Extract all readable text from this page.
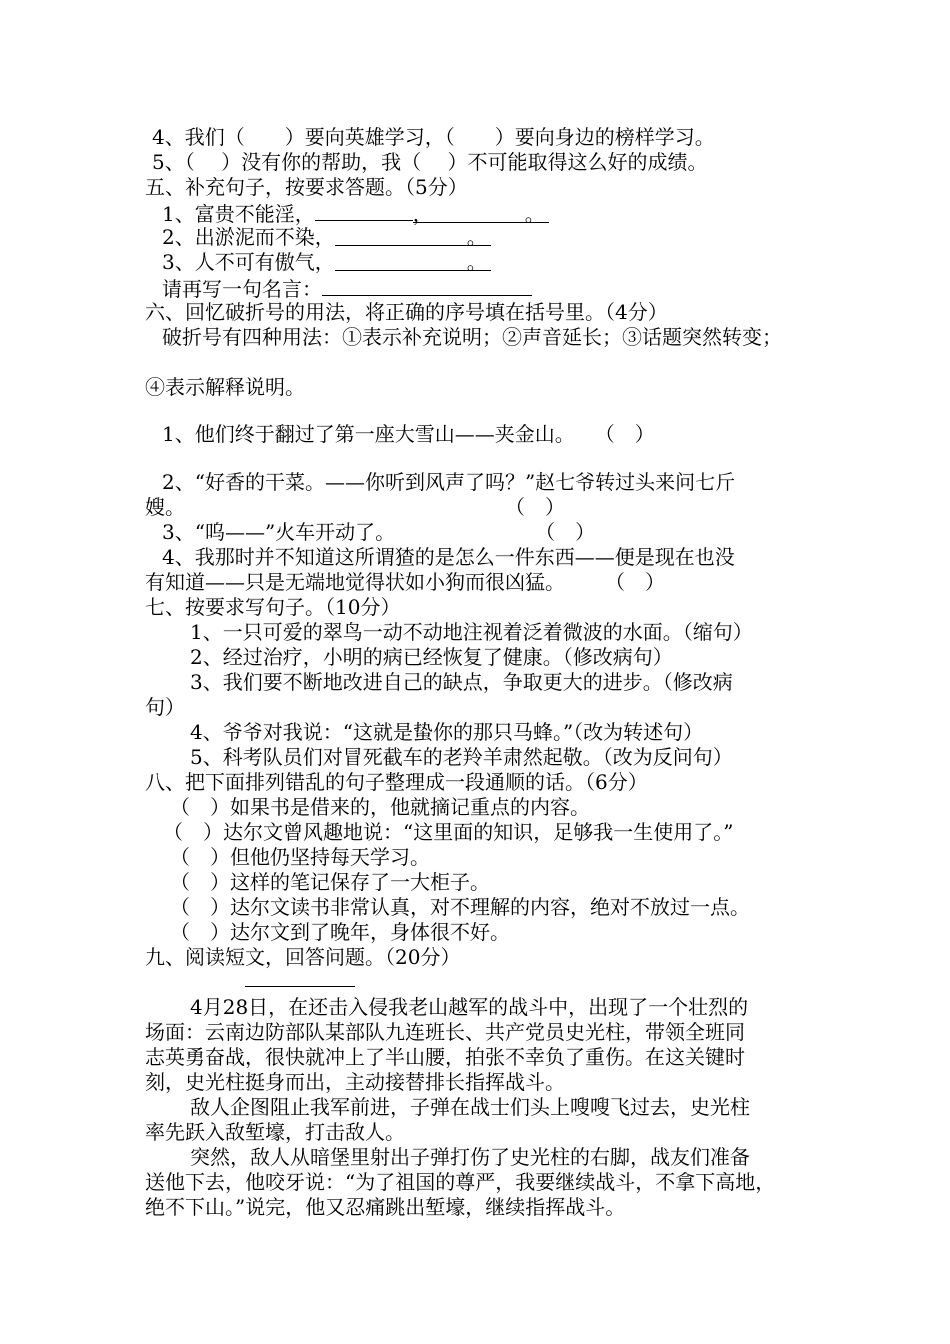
4、我们（　　）要向英雄学习，（　　）要向身边的榜样学习。
5、（　 ）没有你的帮助，我（　 ）不可能取得这么好的成绩。
五、补充句子，按要求答题。（5分）
1、富贵不能淫，	，	。
2、出淤泥而不染，	。
3、人不可有傲气，	。
请再写一句名言：
六、回忆破折号的用法，将正确的序号填在括号里。（4分）
破折号有四种用法：①表示补充说明；②声音延长；③话题突然转变；
④表示解释说明。
1、他们终于翻过了第一座大雪山——夹金山。　　（　）
2、“好香的干菜。——你听到风声了吗？”赵七爷转过头来问七斤
嫂。　　　　　　　　　　　　　　　　　（　）
3、“呜——”火车开动了。　　　　　　　　（　）
4、我那时并不知道这所谓猹的是怎么一件东西——便是现在也没
有知道——只是无端地觉得状如小狗而很凶猛。　　　（　）
七、按要求写句子。（10分）
1、一只可爱的翠鸟一动不动地注视着泛着微波的水面。（缩句）
2、经过治疗，小明的病已经恢复了健康。（修改病句）
3、我们要不断地改进自己的缺点，争取更大的进步。（修改病
句）
4、爷爷对我说：“这就是蛰你的那只马蜂。”（改为转述句）
5、科考队员们对冒死截车的老羚羊肃然起敬。（改为反问句）
八、把下面排列错乱的句子整理成一段通顺的话。（6分）
（　）如果书是借来的，他就摘记重点的内容。
（　）达尔文曾风趣地说：“这里面的知识，足够我一生使用了。”
（　）但他仍坚持每天学习。
（　）这样的笔记保存了一大柜子。
（　）达尔文读书非常认真，对不理解的内容，绝对不放过一点。
（　）达尔文到了晚年，身体很不好。
九、阅读短文，回答问题。（20分）
4月28日，在还击入侵我老山越军的战斗中，出现了一个壮烈的
场面：云南边防部队某部队九连班长、共产党员史光柱，带领全班同
志英勇奋战，很快就冲上了半山腰，拍张不幸负了重伤。在这关键时
刻，史光柱挺身而出，主动接替排长指挥战斗。
敌人企图阻止我军前进，子弹在战士们头上嗖嗖飞过去，史光柱
率先跃入敌堑壕，打击敌人。
突然，敌人从暗堡里射出子弹打伤了史光柱的右脚，战友们准备
送他下去，他咬牙说：“为了祖国的尊严，我要继续战斗，不拿下高地，
绝不下山。”说完，他又忍痛跳出堑壕，继续指挥战斗。
